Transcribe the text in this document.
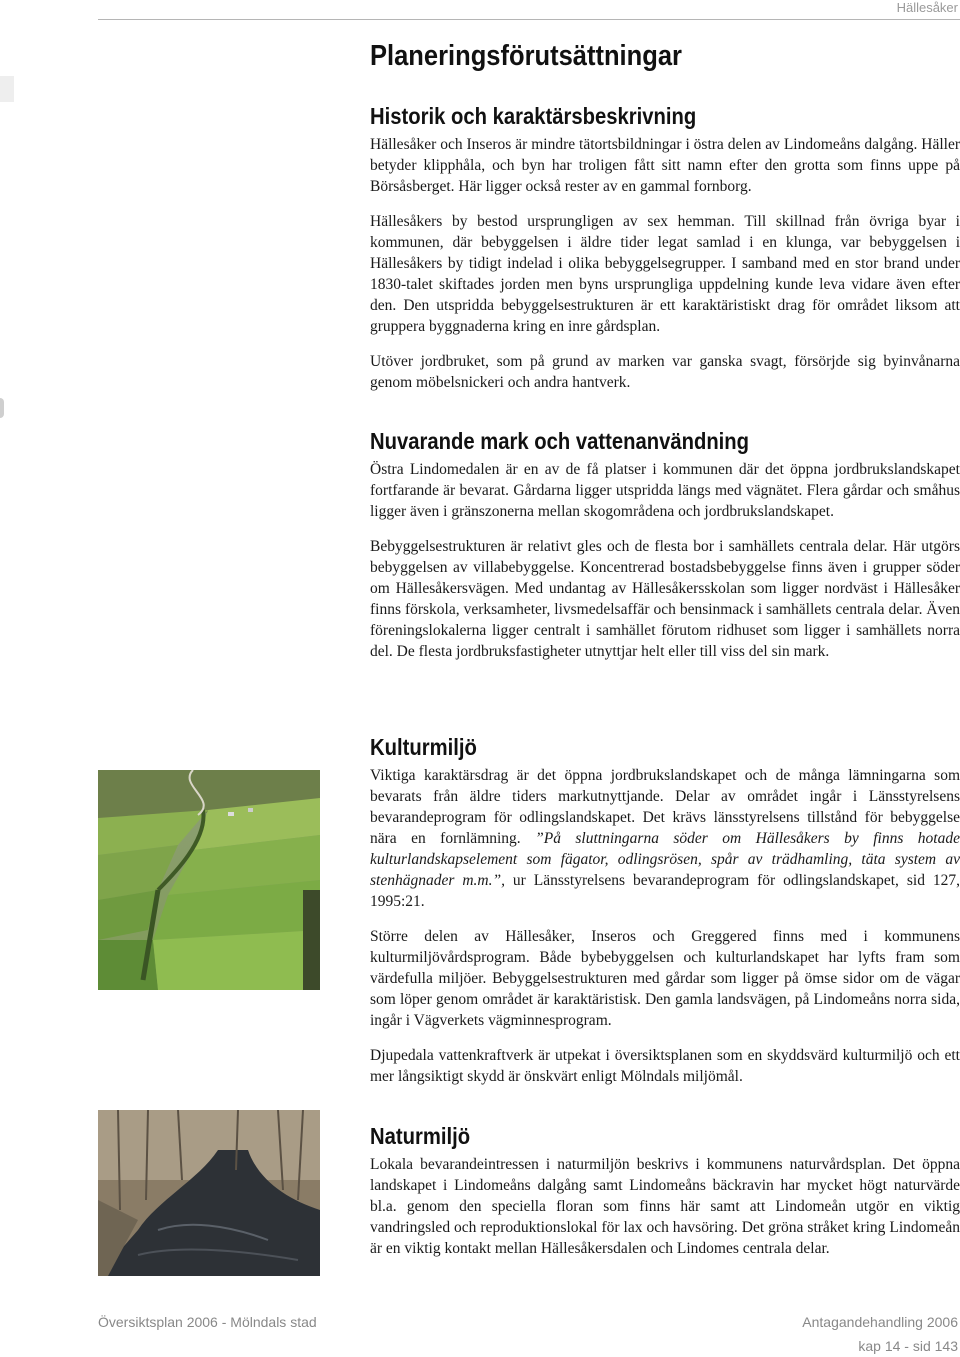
Hällesåker
Planeringsförutsättningar
Historik och karaktärsbeskrivning

Hällesåker och Inseros är mindre tätortsbildningar i östra delen av Lindomeåns dalgång. Häller betyder klipphåla, och byn har troligen fått sitt namn efter den grotta som finns uppe på Börsåsberget. Här ligger också rester av en gammal fornborg.

Hällesåkers by bestod ursprungligen av sex hemman. Till skillnad från övriga byar i kommunen, där bebyggelsen i äldre tider legat samlad i en klunga, var bebyggelsen i Hällesåkers by tidigt indelad i olika bebyggelsegrupper. I samband med en stor brand under 1830-talet skiftades jorden men byns ursprungliga uppdelning kunde leva vidare även efter den. Den utspridda bebyggelsestrukturen är ett karaktäristiskt drag för området liksom att gruppera byggnaderna kring en inre gårdsplan.

Utöver jordbruket, som på grund av marken var ganska svagt, försörjde sig byinvånarna genom möbelsnickeri och andra hantverk.

Nuvarande mark och vattenanvändning

Östra Lindomedalen är en av de få platser i kommunen där det öppna jordbrukslandskapet fortfarande är bevarat. Gårdarna ligger utspridda längs med vägnätet. Flera gårdar och småhus ligger även i gränszonerna mellan skogområdena och jordbrukslandskapet.

Bebyggelsestrukturen är relativt gles och de flesta bor i samhällets centrala delar. Här utgörs bebyggelsen av villabebyggelse. Koncentrerad bostadsbebyggelse finns även i grupper söder om Hällesåkersvägen. Med undantag av Hällesåkersskolan som ligger nordväst i Hällesåker finns förskola, verksamheter, livsmedelsaffär och bensinmack i samhällets centrala delar. Även föreningslokalerna ligger centralt i samhället förutom ridhuset som ligger i samhällets norra del. De flesta jordbruksfastigheter utnyttjar helt eller till viss del sin mark.

Kulturmiljö

Viktiga karaktärsdrag är det öppna jordbrukslandskapet och de många lämningarna som bevarats från äldre tiders markutnyttjande. Delar av området ingår i Länsstyrelsens bevarandeprogram för odlingslandskapet. Det krävs länsstyrelsens tillstånd för bebyggelse nära en fornlämning. ”På sluttningarna söder om Hällesåkers by finns hotade kulturlandskapselement som fägator, odlingsrösen, spår av trädhamling, täta system av stenhägnader m.m.”, ur Länsstyrelsens bevarandeprogram för odlingslandskapet, sid 127, 1995:21.

Större delen av Hällesåker, Inseros och Greggered finns med i kommunens kulturmiljövårdsprogram. Både bybebyggelsen och kulturlandskapet har lyfts fram som värdefulla miljöer. Bebyggelsestrukturen med gårdar som ligger på ömse sidor om de vägar som löper genom området är karaktäristisk. Den gamla landsvägen, på Lindomeåns norra sida, ingår i Vägverkets vägminnesprogram.

Djupedala vattenkraftverk är utpekat i översiktsplanen som en skyddsvärd kulturmiljö och ett mer långsiktigt skydd är önskvärt enligt Mölndals miljömål.

Naturmiljö

Lokala bevarandeintressen i naturmiljön beskrivs i kommunens naturvårdsplan. Det öppna landskapet i Lindomeåns dalgång samt Lindomeåns bäckravin har mycket högt naturvärde bl.a. genom den speciella floran som finns här samt att Lindomeån utgör en viktig vandringsled och reproduktionslokal för lax och havsöring. Det gröna stråket kring Lindomeån är en viktig kontakt mellan Hällesåkersdalen och Lindomes centrala delar.

Översiktsplan 2006 - Mölndals stad	Antagandehandling 2006
kap 14 - sid 143
